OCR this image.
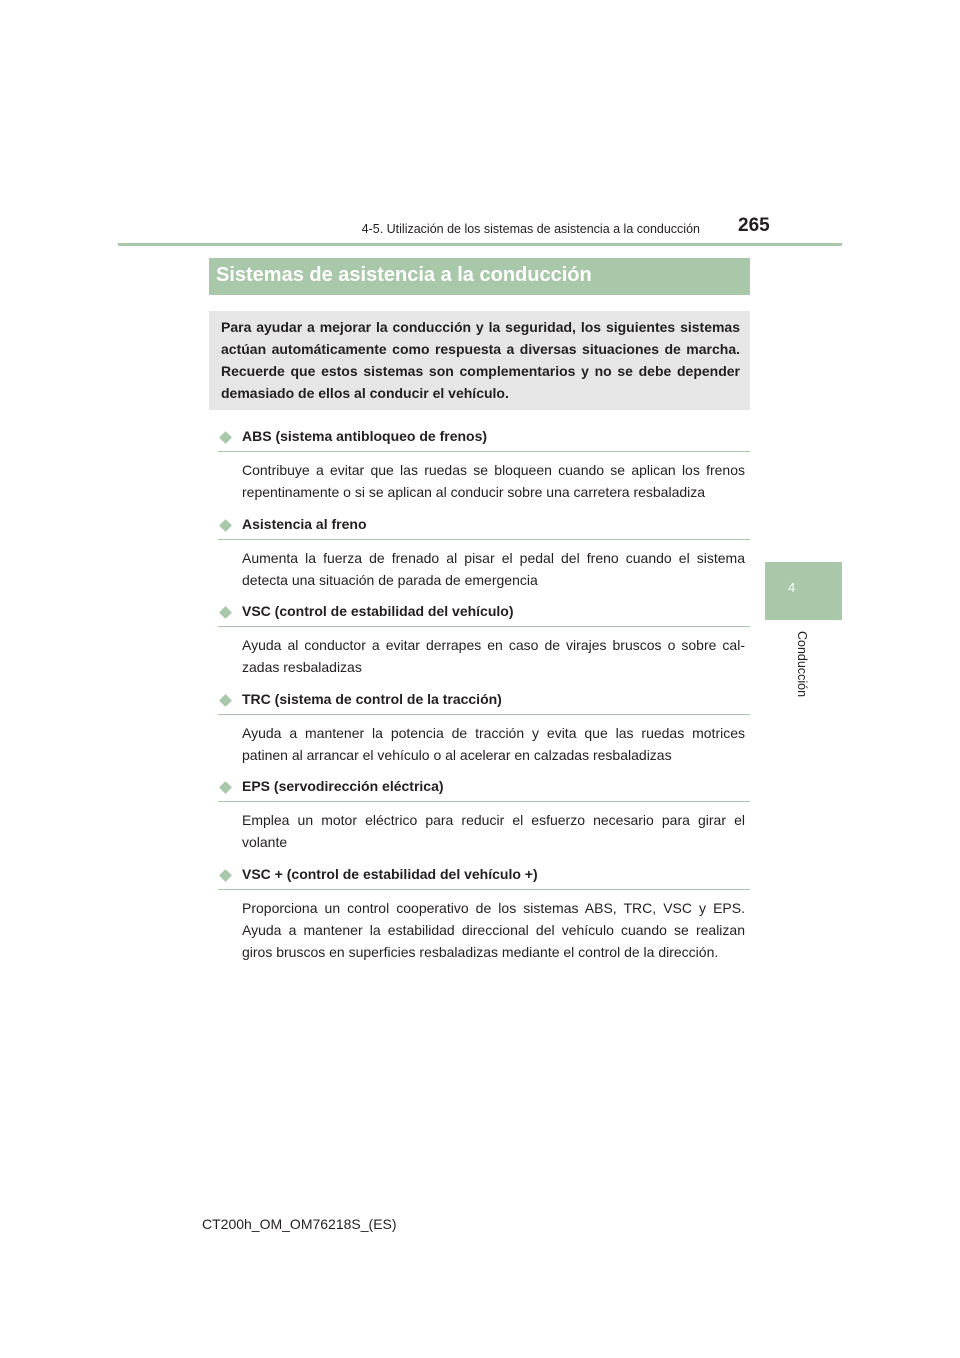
4-5. Utilización de los sistemas de asistencia a la conducción 265
4
Conducción
Sistemas de asistencia a la conducción

Para ayudar a mejorar la conducción y la seguridad, los siguientes sistemas actúan automáticamente como respuesta a diversas situaciones de marcha. Recuerde que estos sistemas son complementarios y no se debe depender demasiado de ellos al conducir el vehículo.

ABS (sistema antibloqueo de frenos)

Contribuye a evitar que las ruedas se bloqueen cuando se aplican los frenos repentinamente o si se aplican al conducir sobre una carretera resbaladiza

Asistencia al freno

Aumenta la fuerza de frenado al pisar el pedal del freno cuando el sistema detecta una situación de parada de emergencia

VSC (control de estabilidad del vehículo)

Ayuda al conductor a evitar derrapes en caso de virajes bruscos o sobre cal-zadas resbaladizas

TRC (sistema de control de la tracción)

Ayuda a mantener la potencia de tracción y evita que las ruedas motrices patinen al arrancar el vehículo o al acelerar en calzadas resbaladizas

EPS (servodirección eléctrica)

Emplea un motor eléctrico para reducir el esfuerzo necesario para girar el volante

VSC + (control de estabilidad del vehículo +)

Proporciona un control cooperativo de los sistemas ABS, TRC, VSC y EPS. Ayuda a mantener la estabilidad direccional del vehículo cuando se realizan giros bruscos en superficies resbaladizas mediante el control de la dirección.

CT200h_OM_OM76218S_(ES)
